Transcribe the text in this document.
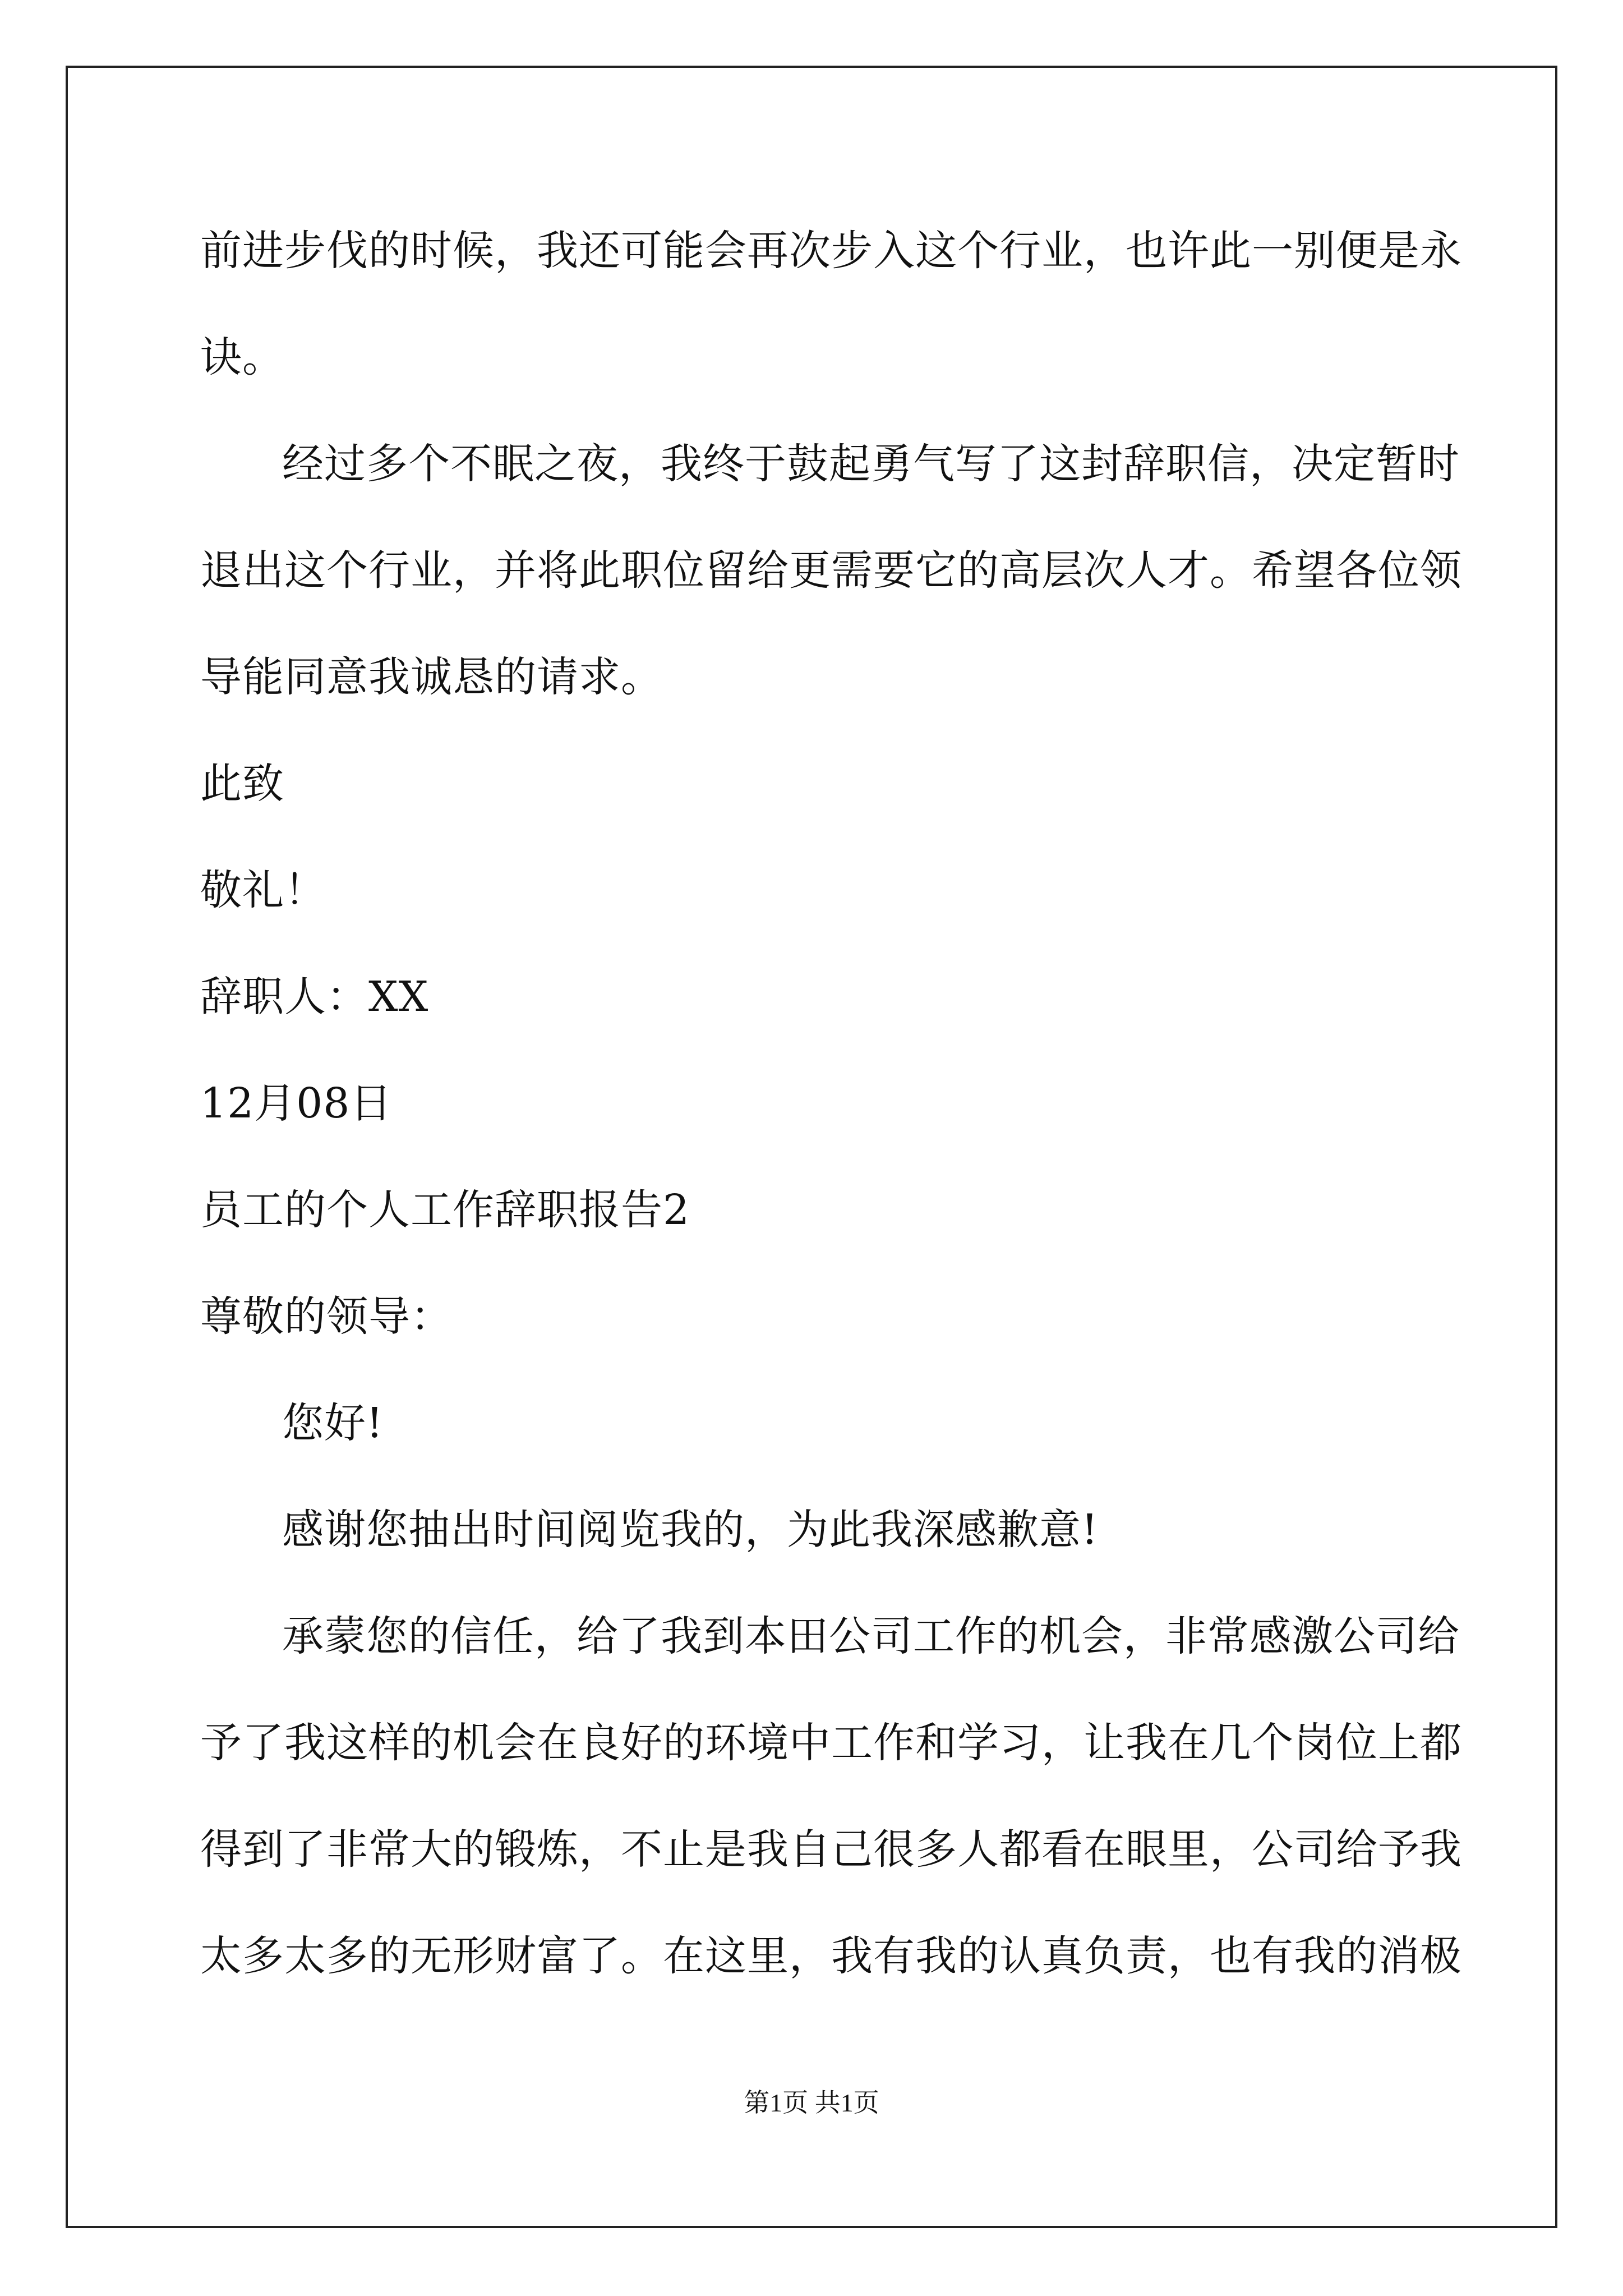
前进步伐的时候，我还可能会再次步入这个行业，也许此一别便是永
诀。
经过多个不眠之夜，我终于鼓起勇气写了这封辞职信，决定暂时
退出这个行业，并将此职位留给更需要它的高层次人才。希望各位领
导能同意我诚恳的请求。
此致
敬礼！
辞职人：XX
12月08日
员工的个人工作辞职报告2
尊敬的领导：
您好!
感谢您抽出时间阅览我的，为此我深感歉意!
承蒙您的信任，给了我到本田公司工作的机会，非常感激公司给
予了我这样的机会在良好的环境中工作和学习，让我在几个岗位上都
得到了非常大的锻炼，不止是我自己很多人都看在眼里，公司给予我
太多太多的无形财富了。在这里，我有我的认真负责，也有我的消极
第1页 共1页
